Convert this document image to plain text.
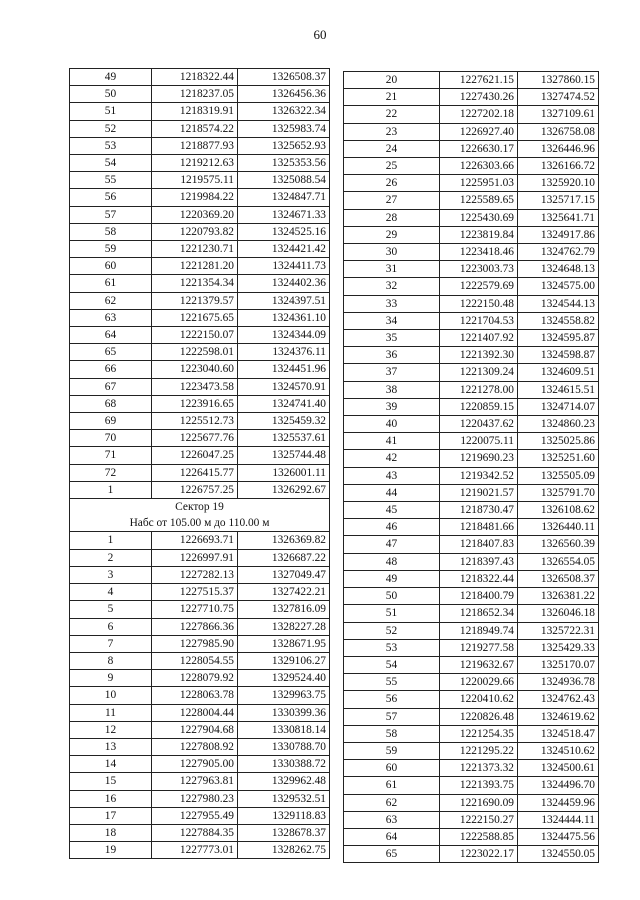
60
49	1218322.44	1326508.37
50	1218237.05	1326456.36
51	1218319.91	1326322.34
52	1218574.22	1325983.74
53	1218877.93	1325652.93
54	1219212.63	1325353.56
55	1219575.11	1325088.54
56	1219984.22	1324847.71
57	1220369.20	1324671.33
58	1220793.82	1324525.16
59	1221230.71	1324421.42
60	1221281.20	1324411.73
61	1221354.34	1324402.36
62	1221379.57	1324397.51
63	1221675.65	1324361.10
64	1222150.07	1324344.09
65	1222598.01	1324376.11
66	1223040.60	1324451.96
67	1223473.58	1324570.91
68	1223916.65	1324741.40
69	1225512.73	1325459.32
70	1225677.76	1325537.61
71	1226047.25	1325744.48
72	1226415.77	1326001.11
1	1226757.25	1326292.67
Сектор 19
Набс от 105.00 м до 110.00 м		
1	1226693.71	1326369.82
2	1226997.91	1326687.22
3	1227282.13	1327049.47
4	1227515.37	1327422.21
5	1227710.75	1327816.09
6	1227866.36	1328227.28
7	1227985.90	1328671.95
8	1228054.55	1329106.27
9	1228079.92	1329524.40
10	1228063.78	1329963.75
11	1228004.44	1330399.36
12	1227904.68	1330818.14
13	1227808.92	1330788.70
14	1227905.00	1330388.72
15	1227963.81	1329962.48
16	1227980.23	1329532.51
17	1227955.49	1329118.83
18	1227884.35	1328678.37
19	1227773.01	1328262.75
20	1227621.15	1327860.15
21	1227430.26	1327474.52
22	1227202.18	1327109.61
23	1226927.40	1326758.08
24	1226630.17	1326446.96
25	1226303.66	1326166.72
26	1225951.03	1325920.10
27	1225589.65	1325717.15
28	1225430.69	1325641.71
29	1223819.84	1324917.86
30	1223418.46	1324762.79
31	1223003.73	1324648.13
32	1222579.69	1324575.00
33	1222150.48	1324544.13
34	1221704.53	1324558.82
35	1221407.92	1324595.87
36	1221392.30	1324598.87
37	1221309.24	1324609.51
38	1221278.00	1324615.51
39	1220859.15	1324714.07
40	1220437.62	1324860.23
41	1220075.11	1325025.86
42	1219690.23	1325251.60
43	1219342.52	1325505.09
44	1219021.57	1325791.70
45	1218730.47	1326108.62
46	1218481.66	1326440.11
47	1218407.83	1326560.39
48	1218397.43	1326554.05
49	1218322.44	1326508.37
50	1218400.79	1326381.22
51	1218652.34	1326046.18
52	1218949.74	1325722.31
53	1219277.58	1325429.33
54	1219632.67	1325170.07
55	1220029.66	1324936.78
56	1220410.62	1324762.43
57	1220826.48	1324619.62
58	1221254.35	1324518.47
59	1221295.22	1324510.62
60	1221373.32	1324500.61
61	1221393.75	1324496.70
62	1221690.09	1324459.96
63	1222150.27	1324444.11
64	1222588.85	1324475.56
65	1223022.17	1324550.05
